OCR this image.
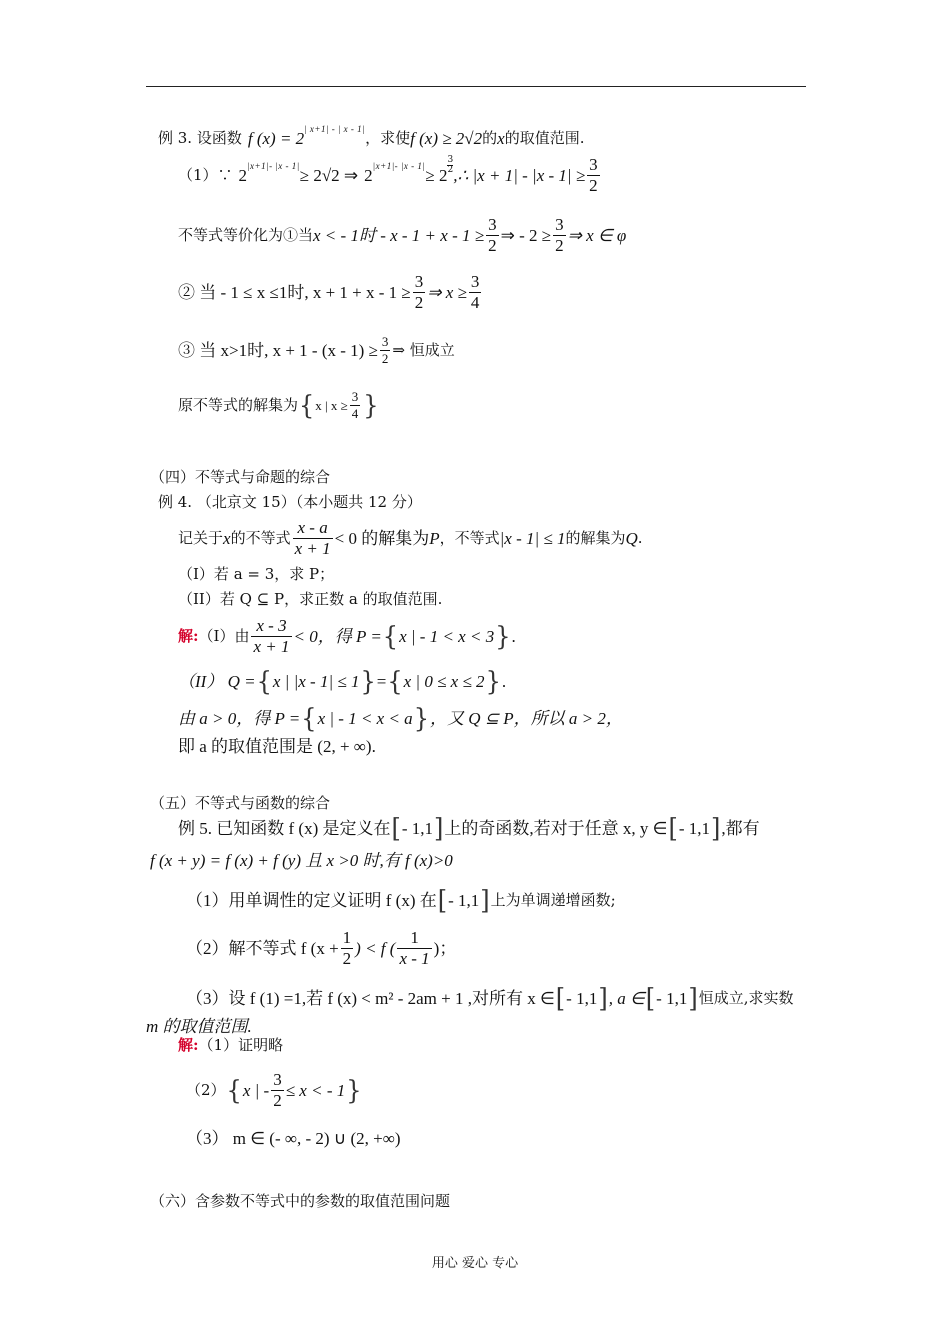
例 3. 设函数 f (x) = 2 | x+1| - | x - 1| ，求使 f (x) ≥ 2√2 的 x 的取值范围.
（1）∵ 2 |x+1|- |x - 1| ≥ 2√2 ⇒ 2 |x+1|- |x - 1| ≥ 2
$\frac{3}{2}$
,∴ $|x + 1| - |x - 1| \ge \frac{3}{2}$
不等式等价化为①当 x < - 1时 - $x - 1 + x - 1 \ge \frac{3}{2}$ ⇒ - $2 \ge \frac{3}{2}$ ⇒ x ∈ φ
② 当 - 1 ≤ x ≤1时, $x + 1 + x - 1 \ge \frac{3}{2}$ ⇒ $x \ge \frac{3}{4}$
③ 当 x>1时, $x + 1 - (x - 1) \ge \frac{3}{2}$ ⇒ 恒成立
原不等式的解集为 { x | $x \ge \frac{3}{4}$ }
（四）不等式与命题的综合
例 4. （北京文 15）（本小题共 12 分）
记关于 x 的不等式 $\frac{x - a}{x + 1} < 0$ 的解集为 P ，不等式 |x - 1| ≤ 1 的解集为 Q .
（I）若 a = 3，求 P；
（II）若 Q ⊆ P，求正数 a 的取值范围.
解: （I）由 $\frac{x - 3}{x + 1} < 0$，得 P = { x | - 1 < x < 3 } .
（II） Q = { x | |x - 1| ≤ 1 } = { x | 0 ≤ x ≤ 2 } .
由 a > 0，得 P = { x | - 1 < x < a } ，又 Q ⊆ P，所以 a > 2，
即 a 的取值范围是 (2, + ∞).
（五）不等式与函数的综合
例 5. 已知函数 f (x) 是定义在 [ - 1,1 ] 上的奇函数,若对于任意 x, y ∈ [ - 1,1 ] ,都有
f (x + y) = f (x) + f (y) 且 x >0 时,有 f (x)>0
（1）用单调性的定义证明 f (x) 在 [ - 1,1 ] 上为单调递增函数;
（2）解不等式 f ($x + \frac{1}{2}$ ) < f ( $\frac{1}{x - 1}$ )；
（3）设 f (1) =1,若 f (x) < m² - 2am + 1 ,对所有 x ∈ [ - 1,1 ] , a ∈ [ - 1,1 ] 恒成立,求实数
m 的取值范围.
解: （1）证明略
（2） { x | - $\frac{3}{2} \le x$ < - 1 }
（3） m ∈ (- ∞, - 2) ∪ (2, +∞)
（六）含参数不等式中的参数的取值范围问题
用心 爱心 专心
